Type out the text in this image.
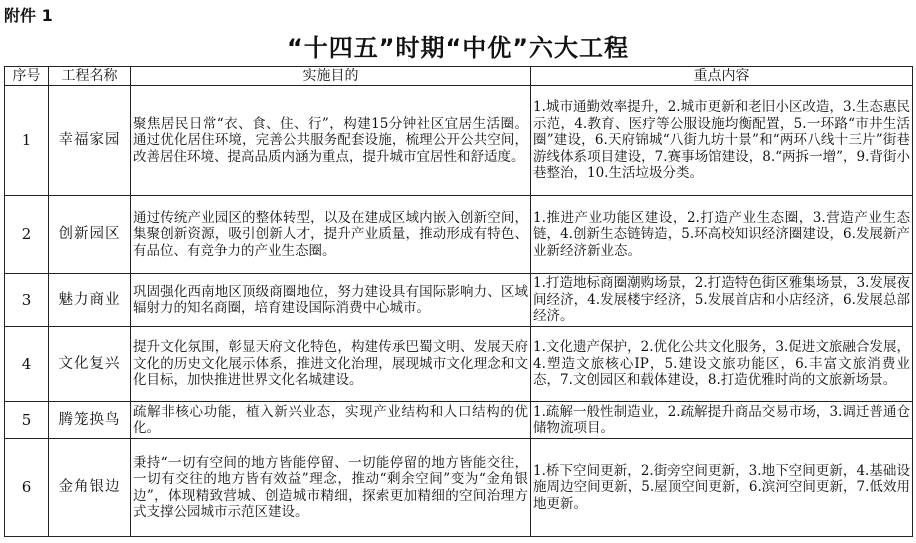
附件 1
“十四五”时期“中优”六大工程
序号	工程名称	实施目的	重点内容
1	幸福家园	聚焦居民日常“衣、食、住、行”，构建15分钟社区宜居生活圈。通过优化居住环境，完善公共服务配套设施，梳理公开公共空间，改善居住环境、提高品质内涵为重点，提升城市宜居性和舒适度。	1.城市通勤效率提升，2.城市更新和老旧小区改造，3.生态惠民示范，4.教育、医疗等公服设施均衡配置，5.一环路“市井生活圈”建设，6.天府锦城“八街九坊十景”和“两环八线十三片”街巷游线体系项目建设，7.赛事场馆建设，8.“两拆一增”，9.背街小巷整治，10.生活垃圾分类。
2	创新园区	通过传统产业园区的整体转型，以及在建成区域内嵌入创新空间，集聚创新资源，吸引创新人才，提升产业质量，推动形成有特色、有品位、有竞争力的产业生态圈。	1.推进产业功能区建设，2.打造产业生态圈，3.营造产业生态链，4.创新生态链铸造，5.环高校知识经济圈建设，6.发展新产业新经济新业态。
3	魅力商业	巩固强化西南地区顶级商圈地位，努力建设具有国际影响力、区域辐射力的知名商圈，培育建设国际消费中心城市。	1.打造地标商圈潮购场景，2.打造特色街区雅集场景，3.发展夜间经济，4.发展楼宇经济，5.发展首店和小店经济，6.发展总部经济。
4	文化复兴	提升文化氛围，彰显天府文化特色，构建传承巴蜀文明、发展天府文化的历史文化展示体系，推进文化治理，展现城市文化理念和文化目标，加快推进世界文化名城建设。	1.文化遗产保护，2.优化公共文化服务，3.促进文旅融合发展，4.塑造文旅核心IP，5.建设文旅功能区，6.丰富文旅消费业态，7.文创园区和载体建设，8.打造优雅时尚的文旅新场景。
5	腾笼换鸟	疏解非核心功能，植入新兴业态，实现产业结构和人口结构的优化。	1.疏解一般性制造业，2.疏解提升商品交易市场，3.调迁普通仓储物流项目。
6	金角银边	秉持“一切有空间的地方皆能停留、一切能停留的地方皆能交往，一切有交往的地方皆有效益”理念，推动“剩余空间”变为“金角银边”，体现精致营城、创造城市精细，探索更加精细的空间治理方式支撑公园城市示范区建设。	1.桥下空间更新，2.街旁空间更新，3.地下空间更新，4.基础设施周边空间更新，5.屋顶空间更新，6.滨河空间更新，7.低效用地更新。
